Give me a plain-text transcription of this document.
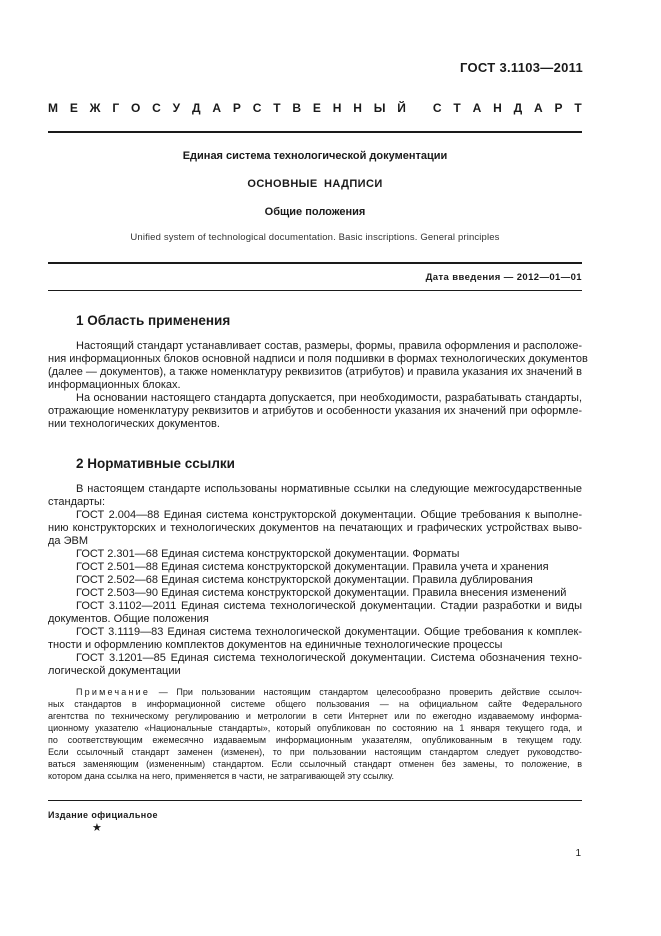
ГОСТ 3.1103—2011
М Е Ж Г О С У Д А Р С Т В Е Н Н Ы Й
С Т А Н Д А Р Т
Единая система технологической документации
ОСНОВНЫЕ НАДПИСИ
Общие положения
Unified system of technological documentation. Basic inscriptions. General principles
Дата введения — 2012—01—01
1 Область применения
Настоящий стандарт устанавливает состав, размеры, формы, правила оформления и расположе-
ния информационных блоков основной надписи и поля подшивки в формах технологических документов
(далее — документов), а также номенклатуру реквизитов (атрибутов) и правила указания их значений в
информационных блоках.
На основании настоящего стандарта допускается, при необходимости, разрабатывать стандарты,
отражающие номенклатуру реквизитов и атрибутов и особенности указания их значений при оформле-
нии технологических документов.
2 Нормативные ссылки
В настоящем стандарте использованы нормативные ссылки на следующие межгосударственные
стандарты:
ГОСТ 2.004—88 Единая система конструкторской документации. Общие требования к выполне-
нию конструкторских и технологических документов на печатающих и графических устройствах выво-
да ЭВМ
ГОСТ 2.301—68 Единая система конструкторской документации. Форматы
ГОСТ 2.501—88 Единая система конструкторской документации. Правила учета и хранения
ГОСТ 2.502—68 Единая система конструкторской документации. Правила дублирования
ГОСТ 2.503—90 Единая система конструкторской документации. Правила внесения изменений
ГОСТ 3.1102—2011 Единая система технологической документации. Стадии разработки и виды
документов. Общие положения
ГОСТ 3.1119—83 Единая система технологической документации. Общие требования к комплек-
тности и оформлению комплектов документов на единичные технологические процессы
ГОСТ 3.1201—85 Единая система технологической документации. Система обозначения техно-
логической документации
Примечание — При пользовании настоящим стандартом целесообразно проверить действие ссылоч-
ных стандартов в информационной системе общего пользования — на официальном сайте Федерального
агентства по техническому регулированию и метрологии в сети Интернет или по ежегодно издаваемому информа-
ционному указателю «Национальные стандарты», который опубликован по состоянию на 1 января текущего года, и
по соответствующим ежемесячно издаваемым информационным указателям, опубликованным в текущем году.
Если ссылочный стандарт заменен (изменен), то при пользовании настоящим стандартом следует руководство-
ваться заменяющим (измененным) стандартом. Если ссылочный стандарт отменен без замены, то положение, в
котором дана ссылка на него, применяется в части, не затрагивающей эту ссылку.
Издание официальное
★
1
